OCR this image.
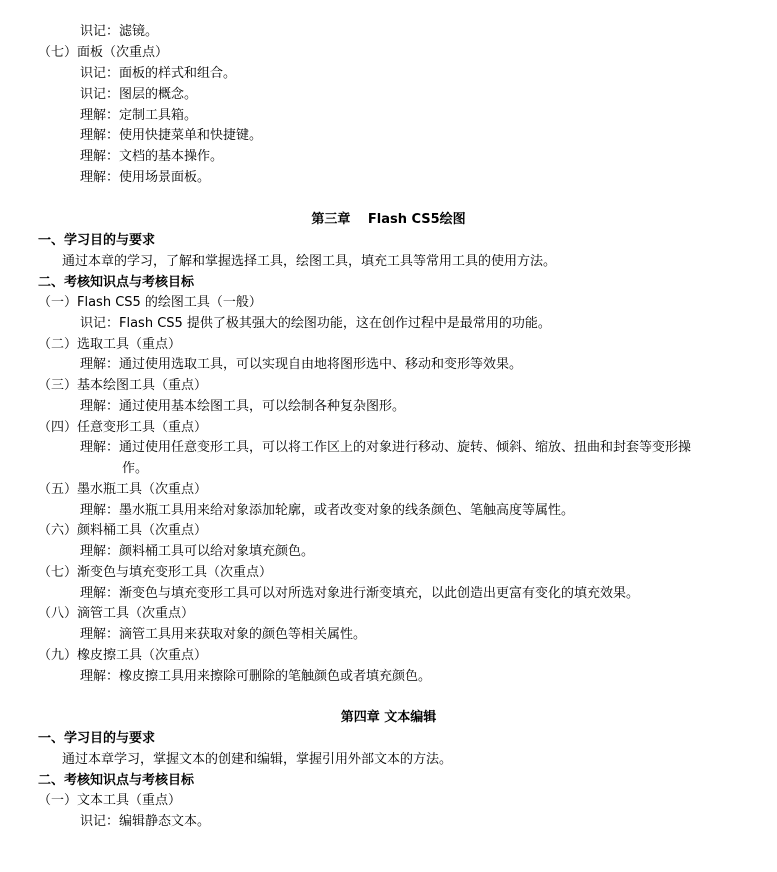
识记：滤镜。
（七）面板（次重点）
识记：面板的样式和组合。
识记：图层的概念。
理解：定制工具箱。
理解：使用快捷菜单和快捷键。
理解：文档的基本操作。
理解：使用场景面板。
第三章　 Flash CS5绘图
一、学习目的与要求
通过本章的学习，了解和掌握选择工具，绘图工具，填充工具等常用工具的使用方法。
二、考核知识点与考核目标
（一）Flash CS5 的绘图工具（一般）
识记：Flash CS5 提供了极其强大的绘图功能，这在创作过程中是最常用的功能。
（二）选取工具（重点）
理解：通过使用选取工具，可以实现自由地将图形选中、移动和变形等效果。
（三）基本绘图工具（重点）
理解：通过使用基本绘图工具，可以绘制各种复杂图形。
（四）任意变形工具（重点）
理解：通过使用任意变形工具，可以将工作区上的对象进行移动、旋转、倾斜、缩放、扭曲和封套等变形操
作。
（五）墨水瓶工具（次重点）
理解：墨水瓶工具用来给对象添加轮廓，或者改变对象的线条颜色、笔触高度等属性。
（六）颜料桶工具（次重点）
理解：颜料桶工具可以给对象填充颜色。
（七）渐变色与填充变形工具（次重点）
理解：渐变色与填充变形工具可以对所选对象进行渐变填充，以此创造出更富有变化的填充效果。
（八）滴管工具（次重点）
理解：滴管工具用来获取对象的颜色等相关属性。
（九）橡皮擦工具（次重点）
理解：橡皮擦工具用来擦除可删除的笔触颜色或者填充颜色。
第四章 文本编辑
一、学习目的与要求
通过本章学习，掌握文本的创建和编辑，掌握引用外部文本的方法。
二、考核知识点与考核目标
（一）文本工具（重点）
识记：编辑静态文本。
